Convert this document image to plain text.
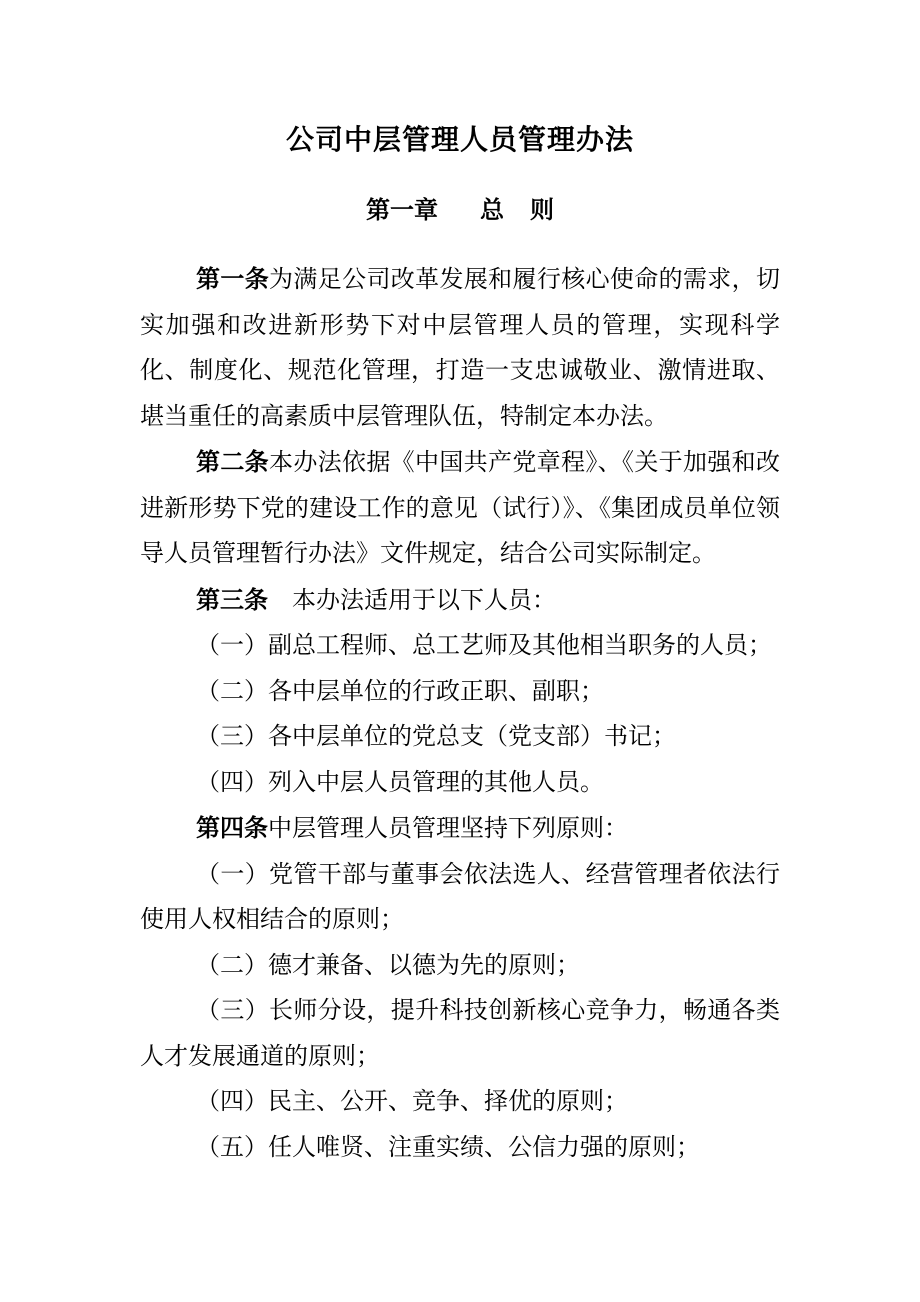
公司中层管理人员管理办法
第一章 总 则

第一条为满足公司改革发展和履行核心使命的需求，切实加强和改进新形势下对中层管理人员的管理，实现科学化、制度化、规范化管理，打造一支忠诚敬业、激情进取、堪当重任的高素质中层管理队伍，特制定本办法。

第二条本办法依据《中国共产党章程》、《关于加强和改进新形势下党的建设工作的意见（试行）》、《集团成员单位领导人员管理暂行办法》文件规定，结合公司实际制定。

第三条 本办法适用于以下人员：

（一）副总工程师、总工艺师及其他相当职务的人员；

（二）各中层单位的行政正职、副职；

（三）各中层单位的党总支（党支部）书记；

（四）列入中层人员管理的其他人员。

第四条中层管理人员管理坚持下列原则：

（一）党管干部与董事会依法选人、经营管理者依法行使用人权相结合的原则；

（二）德才兼备、以德为先的原则；

（三）长师分设，提升科技创新核心竞争力，畅通各类人才发展通道的原则；

（四）民主、公开、竞争、择优的原则；

（五）任人唯贤、注重实绩、公信力强的原则；
